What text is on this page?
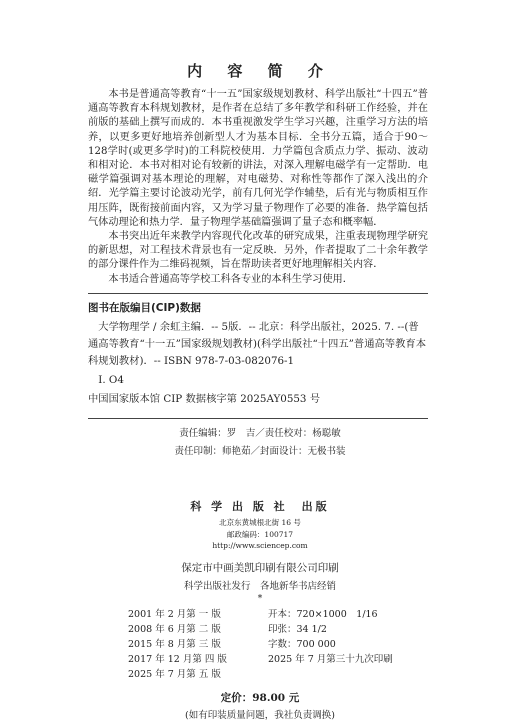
内 容 简 介

本书是普通高等教育“十一五”国家级规划教材、科学出版社“十四五”普通高等教育本科规划教材，是作者在总结了多年教学和科研工作经验，并在前版的基础上撰写而成的．本书重视激发学生学习兴趣，注重学习方法的培养，以更多更好地培养创新型人才为基本目标．全书分五篇，适合于90～128学时(或更多学时)的工科院校使用．力学篇包含质点力学、振动、波动和相对论．本书对相对论有较新的讲法，对深入理解电磁学有一定帮助．电磁学篇强调对基本理论的理解，对电磁势、对称性等都作了深入浅出的介绍．光学篇主要讨论波动光学，前有几何光学作辅垫，后有光与物质相互作用压阵，既衔接前面内容，又为学习量子物理作了必要的准备．热学篇包括气体动理论和热力学．量子物理学基础篇强调了量子态和概率幅．

本书突出近年来教学内容现代化改革的研究成果，注重表现物理学研究的新思想，对工程技术背景也有一定反映．另外，作者提取了二十余年教学的部分课件作为二维码视频，旨在帮助读者更好地理解相关内容．

本书适合普通高等学校工科各专业的本科生学习使用．

图书在版编目(CIP)数据
大学物理学 / 余虹主编．-- 5版．-- 北京：科学出版社，2025. 7. --(普通高等教育“十一五”国家级规划教材)(科学出版社“十四五”普通高等教育本科规划教材)．-- ISBN 978-7-03-082076-1
Ⅰ. O4
中国国家版本馆 CIP 数据核字第 2025AY0553 号
责任编辑：罗　吉／责任校对：杨聪敏
责任印制：师艳茹／封面设计：无极书装
科 学 出 版 社　出版
北京东黄城根北街 16 号
邮政编码：100717
http://www.sciencep.com
保定市中画美凯印刷有限公司印刷
科学出版社发行　各地新华书店经销
*
2001 年 2 月第 一 版	开本：720×1000　1/16
2008 年 6 月第 二 版	印张：34 1/2
2015 年 8 月第 三 版	字数：700 000
2017 年 12 月第 四 版	2025 年 7 月第三十九次印刷
2025 年 7 月第 五 版
定价：98.00 元
(如有印装质量问题，我社负责调换)
